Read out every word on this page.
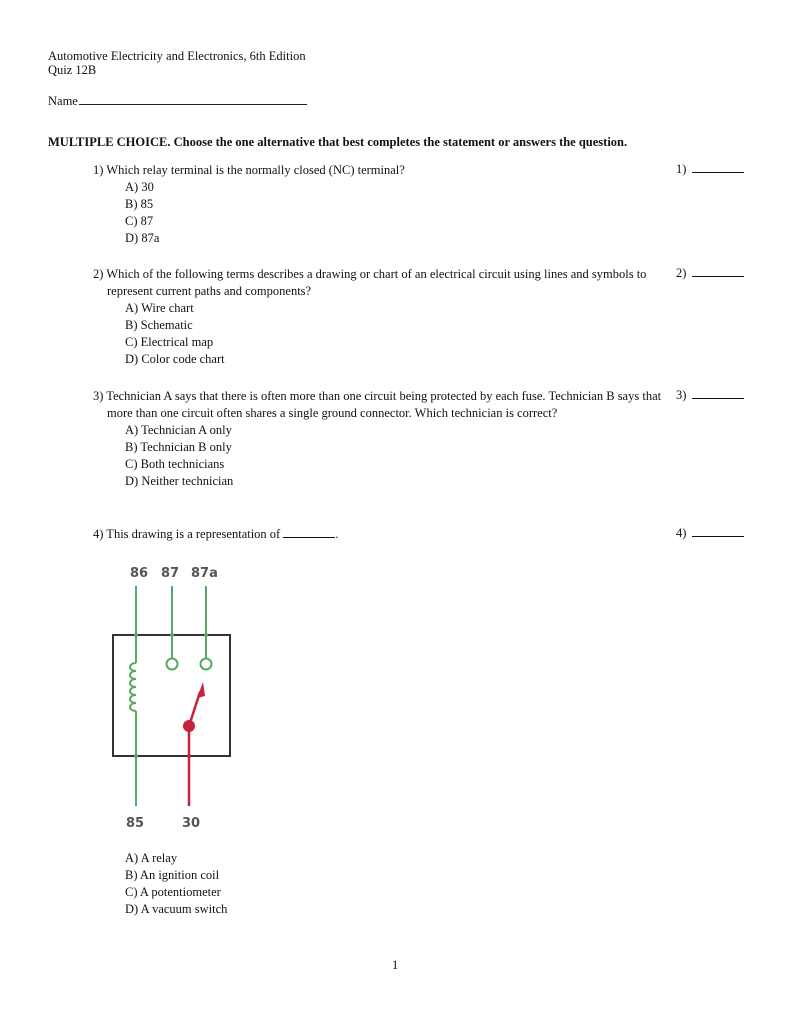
Automotive Electricity and Electronics, 6th Edition
Quiz 12B
Name
MULTIPLE CHOICE. Choose the one alternative that best completes the statement or answers the question.
1) Which relay terminal is the normally closed (NC) terminal?
A) 30
B) 85
C) 87
D) 87a
1)
2) Which of the following terms describes a drawing or chart of an electrical circuit using lines and symbols to represent current paths and components?
A) Wire chart
B) Schematic
C) Electrical map
D) Color code chart
2)
3) Technician A says that there is often more than one circuit being protected by each fuse. Technician B says that more than one circuit often shares a single ground connector. Which technician is correct?
A) Technician A only
B) Technician B only
C) Both technicians
D) Neither technician
3)
4) This drawing is a representation of	.	4)
86 87 87a
85	30
A) A relay
B) An ignition coil
C) A potentiometer
D) A vacuum switch
1
